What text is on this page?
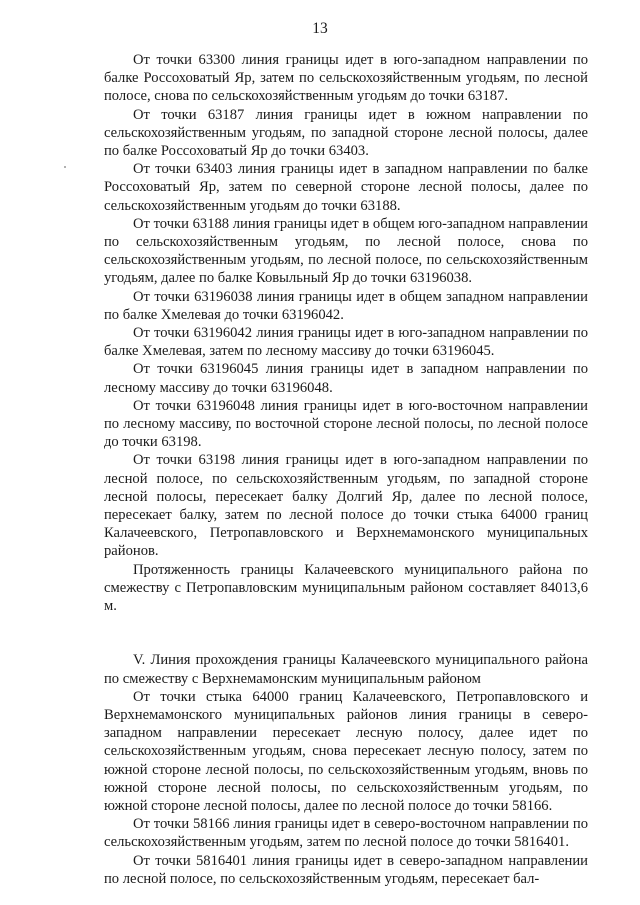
13

От точки 63300 линия границы идет в юго-западном направлении по балке Россоховатый Яр, затем по сельскохозяйственным угодьям, по лесной полосе, снова по сельскохозяйственным угодьям до точки 63187.

От точки 63187 линия границы идет в южном направлении по сельскохозяйственным угодьям, по западной стороне лесной полосы, далее по балке Россоховатый Яр до точки 63403.

От точки 63403 линия границы идет в западном направлении по балке Россоховатый Яр, затем по северной стороне лесной полосы, далее по сельскохозяйственным угодьям до точки 63188.

От точки 63188 линия границы идет в общем юго-западном направлении по сельскохозяйственным угодьям, по лесной полосе, снова по сельскохозяйственным угодьям, по лесной полосе, по сельскохозяйственным угодьям, далее по балке Ковыльный Яр до точки 63196038.

От точки 63196038 линия границы идет в общем западном направлении по балке Хмелевая до точки 63196042.

От точки 63196042 линия границы идет в юго-западном направлении по балке Хмелевая, затем по лесному массиву до точки 63196045.

От точки 63196045 линия границы идет в западном направлении по лесному массиву до точки 63196048.

От точки 63196048 линия границы идет в юго-восточном направлении по лесному массиву, по восточной стороне лесной полосы, по лесной полосе до точки 63198.

От точки 63198 линия границы идет в юго-западном направлении по лесной полосе, по сельскохозяйственным угодьям, по западной стороне лесной полосы, пересекает балку Долгий Яр, далее по лесной полосе, пересекает балку, затем по лесной полосе до точки стыка 64000 границ Калачеевского, Петропавловского и Верхнемамонского муниципальных районов.

Протяженность границы Калачеевского муниципального района по смежеству с Петропавловским муниципальным районом составляет 84013,6 м.

V. Линия прохождения границы Калачеевского муниципального района по смежеству с Верхнемамонским муниципальным районом

От точки стыка 64000 границ Калачеевского, Петропавловского и Верхнемамонского муниципальных районов линия границы в северо-западном направлении пересекает лесную полосу, далее идет по сельскохозяйственным угодьям, снова пересекает лесную полосу, затем по южной стороне лесной полосы, по сельскохозяйственным угодьям, вновь по южной стороне лесной полосы, по сельскохозяйственным угодьям, по южной стороне лесной полосы, далее по лесной полосе до точки 58166.

От точки 58166 линия границы идет в северо-восточном направлении по сельскохозяйственным угодьям, затем по лесной полосе до точки 5816401.

От точки 5816401 линия границы идет в северо-западном направлении по лесной полосе, по сельскохозяйственным угодьям, пересекает бал-
